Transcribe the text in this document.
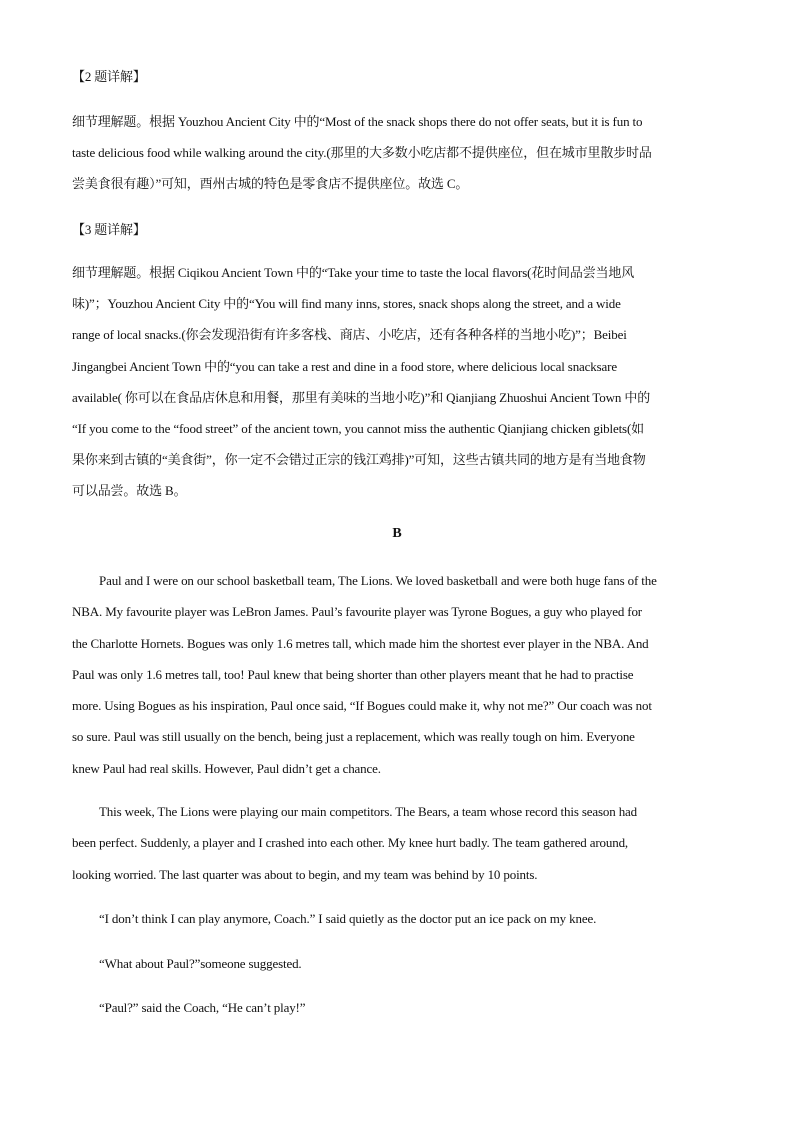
【2 题详解】
细节理解题。根据 Youzhou Ancient City 中的“Most of the snack shops there do not offer seats, but it is fun to
taste delicious food while walking around the city.(那里的大多数小吃店都不提供座位，但在城市里散步时品
尝美食很有趣）”可知，酉州古城的特色是零食店不提供座位。故选 C。
【3 题详解】
细节理解题。根据 Ciqikou Ancient Town 中的“Take your time to taste the local flavors(花时间品尝当地风
味)”；Youzhou Ancient City 中的“You will find many inns, stores, snack shops along the street, and a wide
range of local snacks.(你会发现沿街有许多客栈、商店、小吃店，还有各种各样的当地小吃)”；Beibei
Jingangbei Ancient Town 中的“you can take a rest and dine in a food store, where delicious local snacksare
available( 你可以在食品店休息和用餐，那里有美味的当地小吃)”和 Qianjiang Zhuoshui Ancient Town 中的
“If you come to the “food street” of the ancient town, you cannot miss the authentic Qianjiang chicken giblets(如
果你来到古镇的“美食街”，你一定不会错过正宗的钱江鸡排)”可知，这些古镇共同的地方是有当地食物
可以品尝。故选 B。
B
Paul and I were on our school basketball team, The Lions. We loved basketball and were both huge fans of the
NBA. My favourite player was LeBron James. Paul’s favourite player was Tyrone Bogues, a guy who played for
the Charlotte Hornets. Bogues was only 1.6 metres tall, which made him the shortest ever player in the NBA. And
Paul was only 1.6 metres tall, too! Paul knew that being shorter than other players meant that he had to practise
more. Using Bogues as his inspiration, Paul once said, “If Bogues could make it, why not me?” Our coach was not
so sure. Paul was still usually on the bench, being just a replacement, which was really tough on him. Everyone
knew Paul had real skills. However, Paul didn’t get a chance.
This week, The Lions were playing our main competitors. The Bears, a team whose record this season had
been perfect. Suddenly, a player and I crashed into each other. My knee hurt badly. The team gathered around,
looking worried. The last quarter was about to begin, and my team was behind by 10 points.
“I don’t think I can play anymore, Coach.” I said quietly as the doctor put an ice pack on my knee.
“What about Paul?”someone suggested.
“Paul?” said the Coach, “He can’t play!”
